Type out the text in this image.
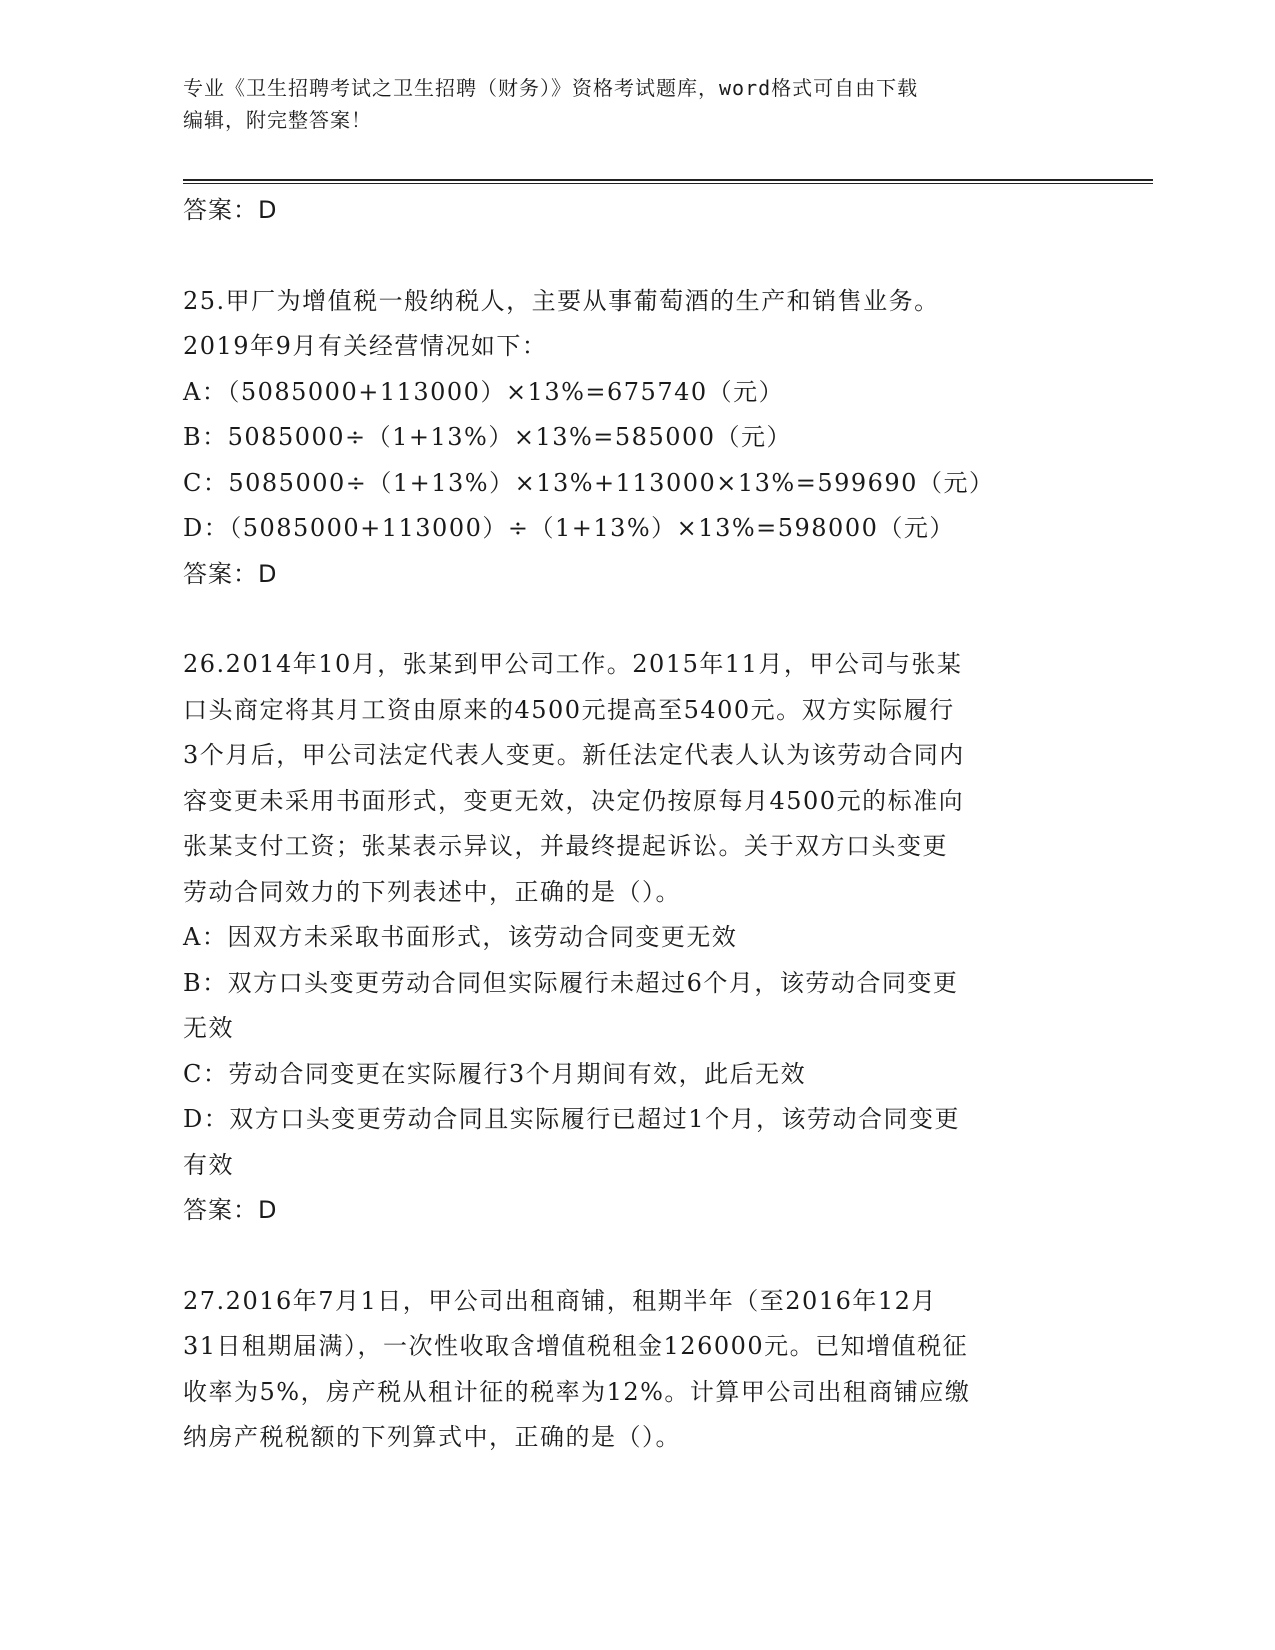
专业《卫生招聘考试之卫生招聘（财务）》资格考试题库，word格式可自由下载
编辑，附完整答案！
答案：D
25.甲厂为增值税一般纳税人，主要从事葡萄酒的生产和销售业务。
2019年9月有关经营情况如下：
A：（5085000+113000）×13%=675740（元）
B：5085000÷（1+13%）×13%=585000（元）
C：5085000÷（1+13%）×13%+113000×13%=599690（元）
D：（5085000+113000）÷（1+13%）×13%=598000（元）
答案：D
26.2014年10月，张某到甲公司工作。2015年11月，甲公司与张某
口头商定将其月工资由原来的4500元提高至5400元。双方实际履行
3个月后，甲公司法定代表人变更。新任法定代表人认为该劳动合同内
容变更未采用书面形式，变更无效，决定仍按原每月4500元的标准向
张某支付工资；张某表示异议，并最终提起诉讼。关于双方口头变更
劳动合同效力的下列表述中，正确的是（）。
A：因双方未采取书面形式，该劳动合同变更无效
B：双方口头变更劳动合同但实际履行未超过6个月，该劳动合同变更
无效
C：劳动合同变更在实际履行3个月期间有效，此后无效
D：双方口头变更劳动合同且实际履行已超过1个月，该劳动合同变更
有效
答案：D
27.2016年7月1日，甲公司出租商铺，租期半年（至2016年12月
31日租期届满），一次性收取含增值税租金126000元。已知增值税征
收率为5%，房产税从租计征的税率为12%。计算甲公司出租商铺应缴
纳房产税税额的下列算式中，正确的是（）。
